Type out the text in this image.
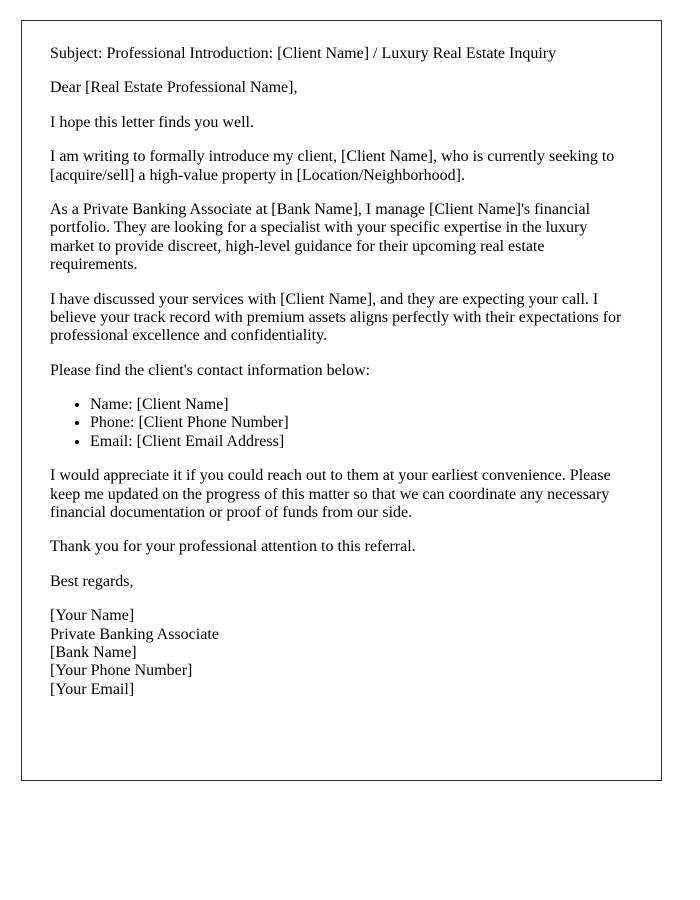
Subject: Professional Introduction: [Client Name] / Luxury Real Estate Inquiry

Dear [Real Estate Professional Name],

I hope this letter finds you well.

I am writing to formally introduce my client, [Client Name], who is currently seeking to [acquire/sell] a high-value property in [Location/Neighborhood].

As a Private Banking Associate at [Bank Name], I manage [Client Name]'s financial portfolio. They are looking for a specialist with your specific expertise in the luxury market to provide discreet, high-level guidance for their upcoming real estate requirements.

I have discussed your services with [Client Name], and they are expecting your call. I believe your track record with premium assets aligns perfectly with their expectations for professional excellence and confidentiality.

Please find the client's contact information below:

• Name: [Client Name]
• Phone: [Client Phone Number]
• Email: [Client Email Address]

I would appreciate it if you could reach out to them at your earliest convenience. Please keep me updated on the progress of this matter so that we can coordinate any necessary financial documentation or proof of funds from our side.

Thank you for your professional attention to this referral.

Best regards,

[Your Name]
Private Banking Associate
[Bank Name]
[Your Phone Number]
[Your Email]
